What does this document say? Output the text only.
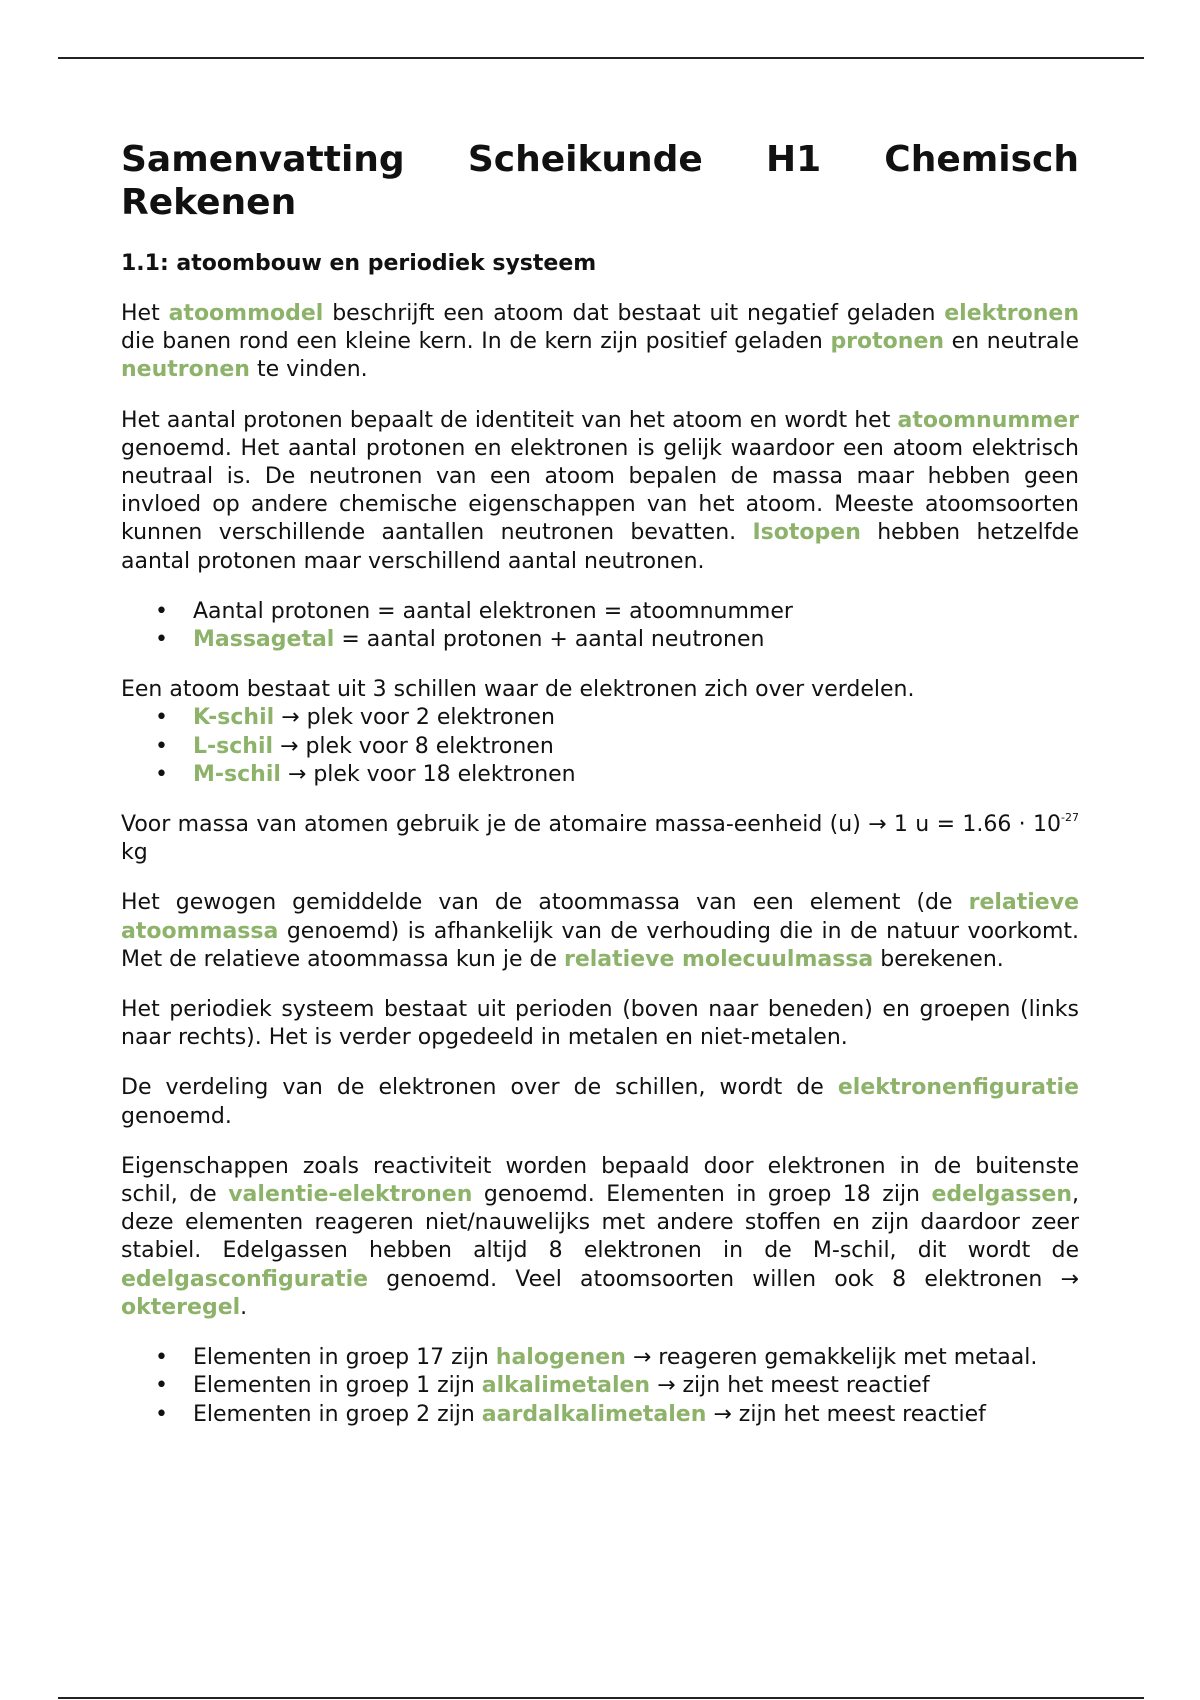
Samenvatting Scheikunde H1 Chemisch
Rekenen
1.1: atoombouw en periodiek systeem

Het atoommodel beschrijft een atoom dat bestaat uit negatief geladen elektronen die banen rond een kleine kern. In de kern zijn positief geladen protonen en neutrale neutronen te vinden.

Het aantal protonen bepaalt de identiteit van het atoom en wordt het atoomnummer genoemd. Het aantal protonen en elektronen is gelijk waardoor een atoom elektrisch neutraal is. De neutronen van een atoom bepalen de massa maar hebben geen invloed op andere chemische eigenschappen van het atoom. Meeste atoomsoorten kunnen verschillende aantallen neutronen bevatten. Isotopen hebben hetzelfde aantal protonen maar verschillend aantal neutronen.

• Aantal protonen = aantal elektronen = atoomnummer
• Massagetal = aantal protonen + aantal neutronen

Een atoom bestaat uit 3 schillen waar de elektronen zich over verdelen.

• K-schil → plek voor 2 elektronen
• L-schil → plek voor 8 elektronen
• M-schil → plek voor 18 elektronen

Voor massa van atomen gebruik je de atomaire massa-eenheid (u) → 1 $u = 1.66 \cdot 10^{-27}$ kg

Het gewogen gemiddelde van de atoommassa van een element (de relatieve atoommassa genoemd) is afhankelijk van de verhouding die in de natuur voorkomt. Met de relatieve atoommassa kun je de relatieve molecuulmassa berekenen.

Het periodiek systeem bestaat uit perioden (boven naar beneden) en groepen (links naar rechts). Het is verder opgedeeld in metalen en niet-metalen.

De verdeling van de elektronen over de schillen, wordt de elektronenfiguratie genoemd.

Eigenschappen zoals reactiviteit worden bepaald door elektronen in de buitenste schil, de valentie-elektronen genoemd. Elementen in groep 18 zijn edelgassen, deze elementen reageren niet/nauwelijks met andere stoffen en zijn daardoor zeer stabiel. Edelgassen hebben altijd 8 elektronen in de M-schil, dit wordt de edelgasconfiguratie genoemd. Veel atoomsoorten willen ook 8 elektronen → okteregel.

• Elementen in groep 17 zijn halogenen → reageren gemakkelijk met metaal.
• Elementen in groep 1 zijn alkalimetalen → zijn het meest reactief
• Elementen in groep 2 zijn aardalkalimetalen → zijn het meest reactief
